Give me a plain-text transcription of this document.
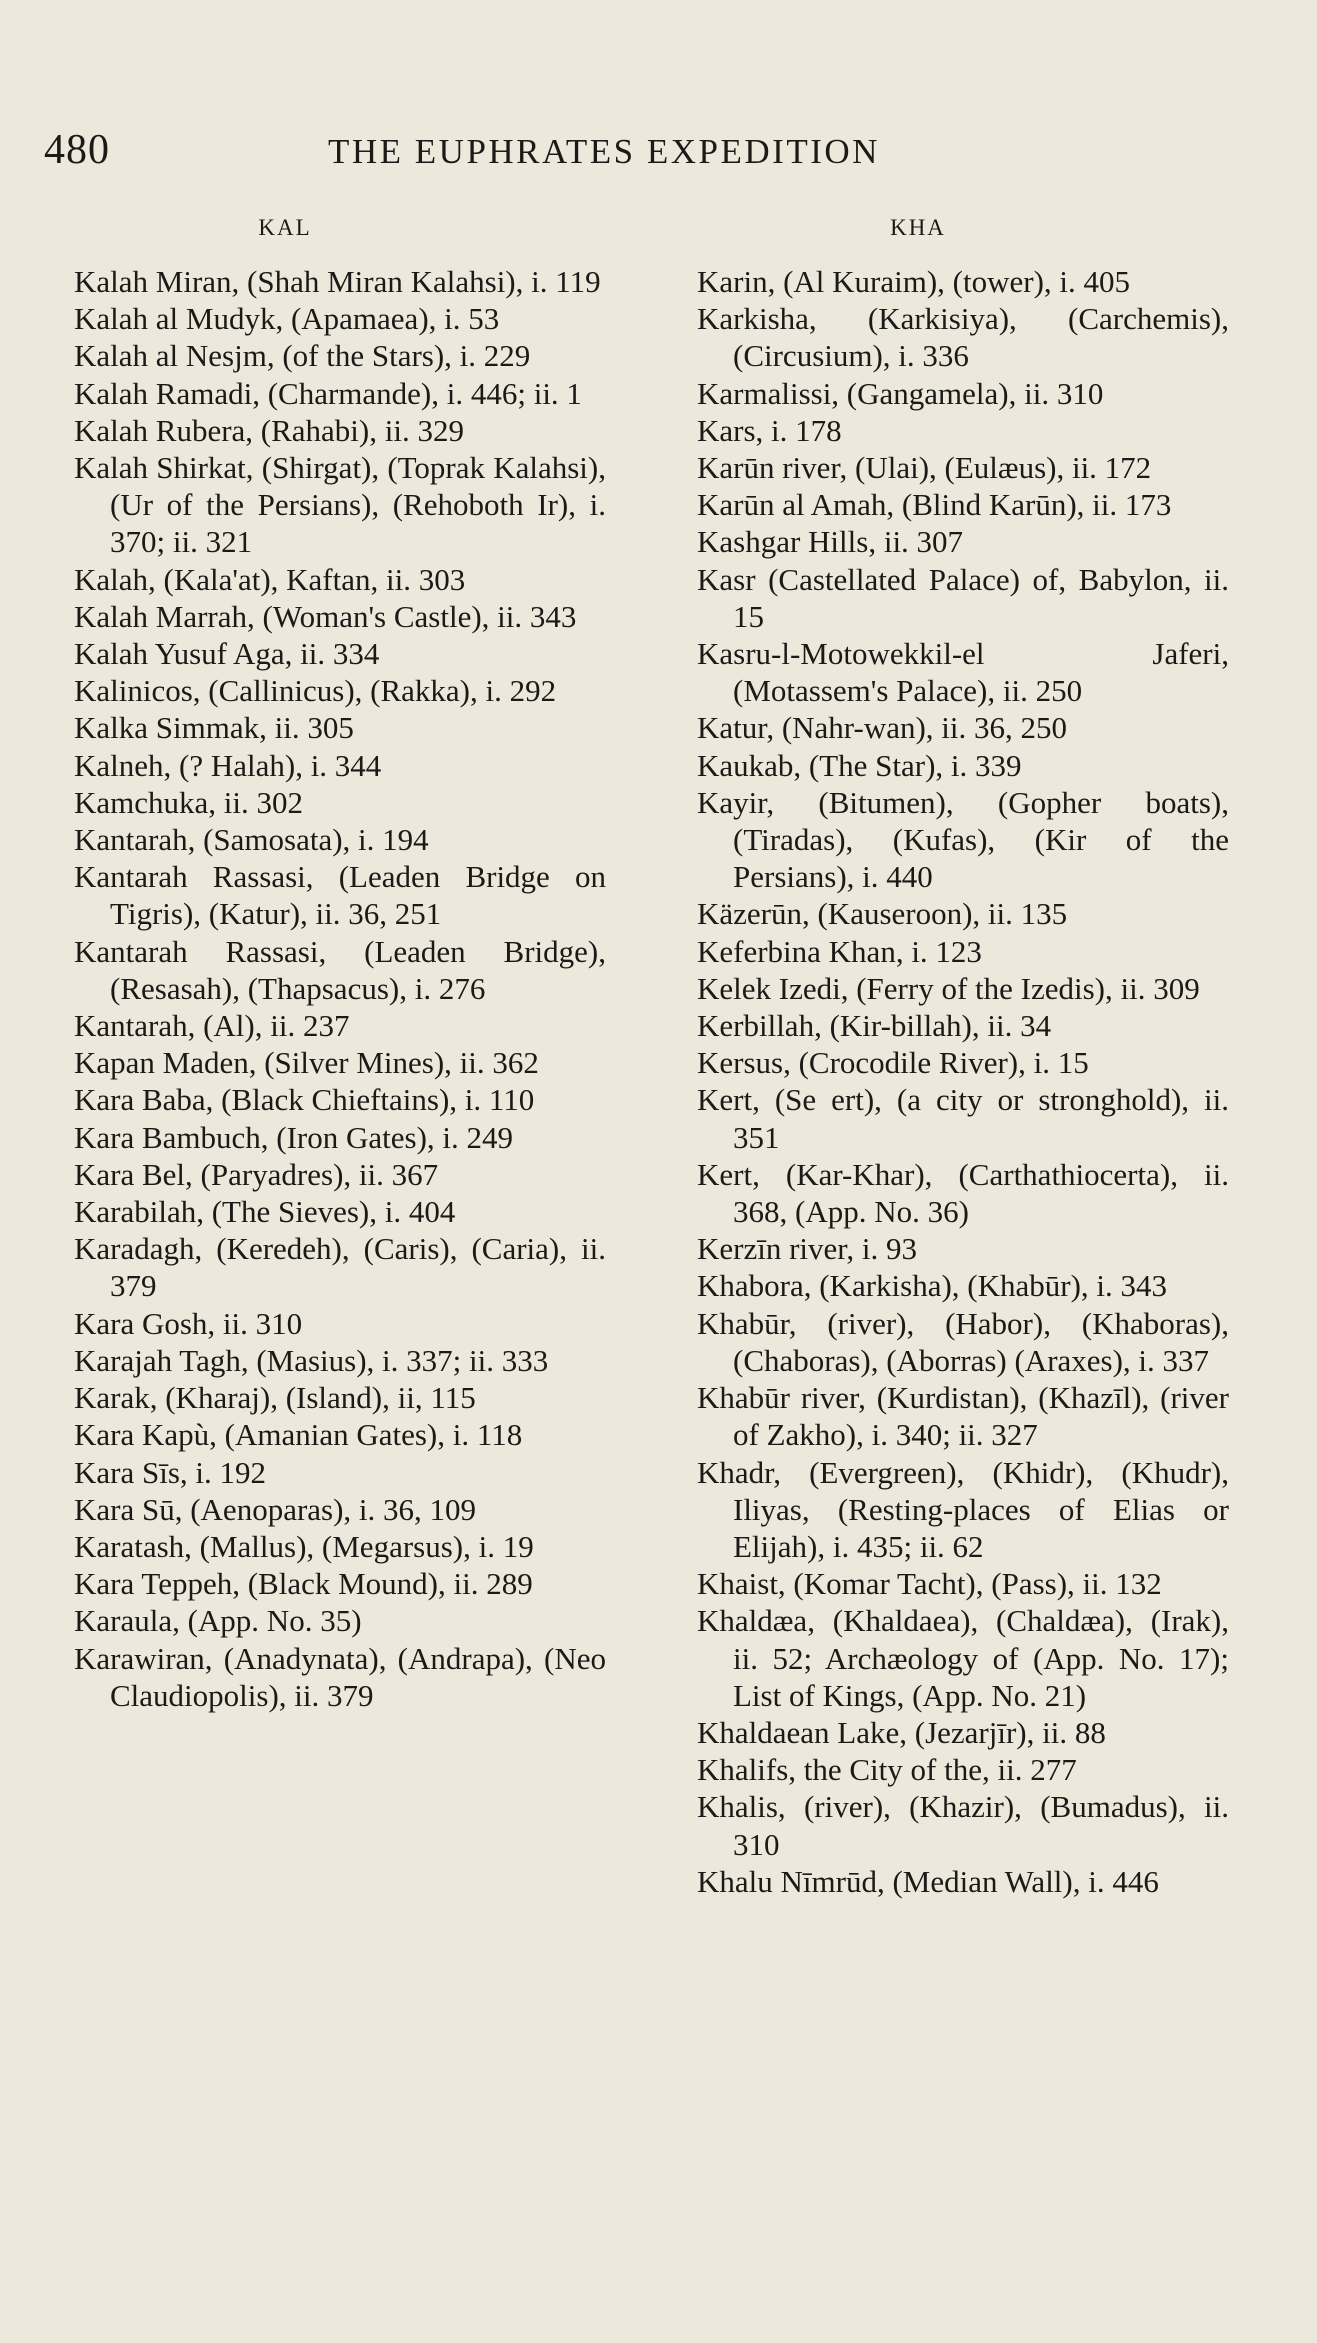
480	THE EUPHRATES EXPEDITION
KAL
Kalah Miran, (Shah Miran Kalahsi), i. 119
Kalah al Mudyk, (Apamaea), i. 53
Kalah al Nesjm, (of the Stars), i. 229
Kalah Ramadi, (Charmande), i. 446; ii. 1
Kalah Rubera, (Rahabi), ii. 329
Kalah Shirkat, (Shirgat), (Toprak Kalahsi), (Ur of the Persians), (Rehoboth Ir), i. 370; ii. 321
Kalah, (Kala'at), Kaftan, ii. 303
Kalah Marrah, (Woman's Castle), ii. 343
Kalah Yusuf Aga, ii. 334
Kalinicos, (Callinicus), (Rakka), i. 292
Kalka Simmak, ii. 305
Kalneh, (? Halah), i. 344
Kamchuka, ii. 302
Kantarah, (Samosata), i. 194
Kantarah Rassasi, (Leaden Bridge on Tigris), (Katur), ii. 36, 251
Kantarah Rassasi, (Leaden Bridge), (Resasah), (Thapsacus), i. 276
Kantarah, (Al), ii. 237
Kapan Maden, (Silver Mines), ii. 362
Kara Baba, (Black Chieftains), i. 110
Kara Bambuch, (Iron Gates), i. 249
Kara Bel, (Paryadres), ii. 367
Karabilah, (The Sieves), i. 404
Karadagh, (Keredeh), (Caris), (Caria), ii. 379
Kara Gosh, ii. 310
Karajah Tagh, (Masius), i. 337; ii. 333
Karak, (Kharaj), (Island), ii, 115
Kara Kapù, (Amanian Gates), i. 118
Kara Sīs, i. 192
Kara Sū, (Aenoparas), i. 36, 109
Karatash, (Mallus), (Megarsus), i. 19
Kara Teppeh, (Black Mound), ii. 289
Karaula, (App. No. 35)
Karawiran, (Anadynata), (Andrapa), (Neo Claudiopolis), ii. 379
KHA
Karin, (Al Kuraim), (tower), i. 405
Karkisha, (Karkisiya), (Carchemis), (Circusium), i. 336
Karmalissi, (Gangamela), ii. 310
Kars, i. 178
Karūn river, (Ulai), (Eulæus), ii. 172
Karūn al Amah, (Blind Karūn), ii. 173
Kashgar Hills, ii. 307
Kasr (Castellated Palace) of, Babylon, ii. 15
Kasru-l-Motowekkil-el Jaferi, (Motassem's Palace), ii. 250
Katur, (Nahr-wan), ii. 36, 250
Kaukab, (The Star), i. 339
Kayir, (Bitumen), (Gopher boats), (Tiradas), (Kufas), (Kir of the Persians), i. 440
Käzerūn, (Kauseroon), ii. 135
Keferbina Khan, i. 123
Kelek Izedi, (Ferry of the Izedis), ii. 309
Kerbillah, (Kir-billah), ii. 34
Kersus, (Crocodile River), i. 15
Kert, (Se ert), (a city or stronghold), ii. 351
Kert, (Kar-Khar), (Carthathiocerta), ii. 368, (App. No. 36)
Kerzīn river, i. 93
Khabora, (Karkisha), (Khabūr), i. 343
Khabūr, (river), (Habor), (Khaboras), (Chaboras), (Aborras) (Araxes), i. 337
Khabūr river, (Kurdistan), (Khazīl), (river of Zakho), i. 340; ii. 327
Khadr, (Evergreen), (Khidr), (Khudr), Iliyas, (Resting-places of Elias or Elijah), i. 435; ii. 62
Khaist, (Komar Tacht), (Pass), ii. 132
Khaldæa, (Khaldaea), (Chaldæa), (Irak), ii. 52; Archæology of (App. No. 17); List of Kings, (App. No. 21)
Khaldaean Lake, (Jezarjīr), ii. 88
Khalifs, the City of the, ii. 277
Khalis, (river), (Khazir), (Bumadus), ii. 310
Khalu Nīmrūd, (Median Wall), i. 446
